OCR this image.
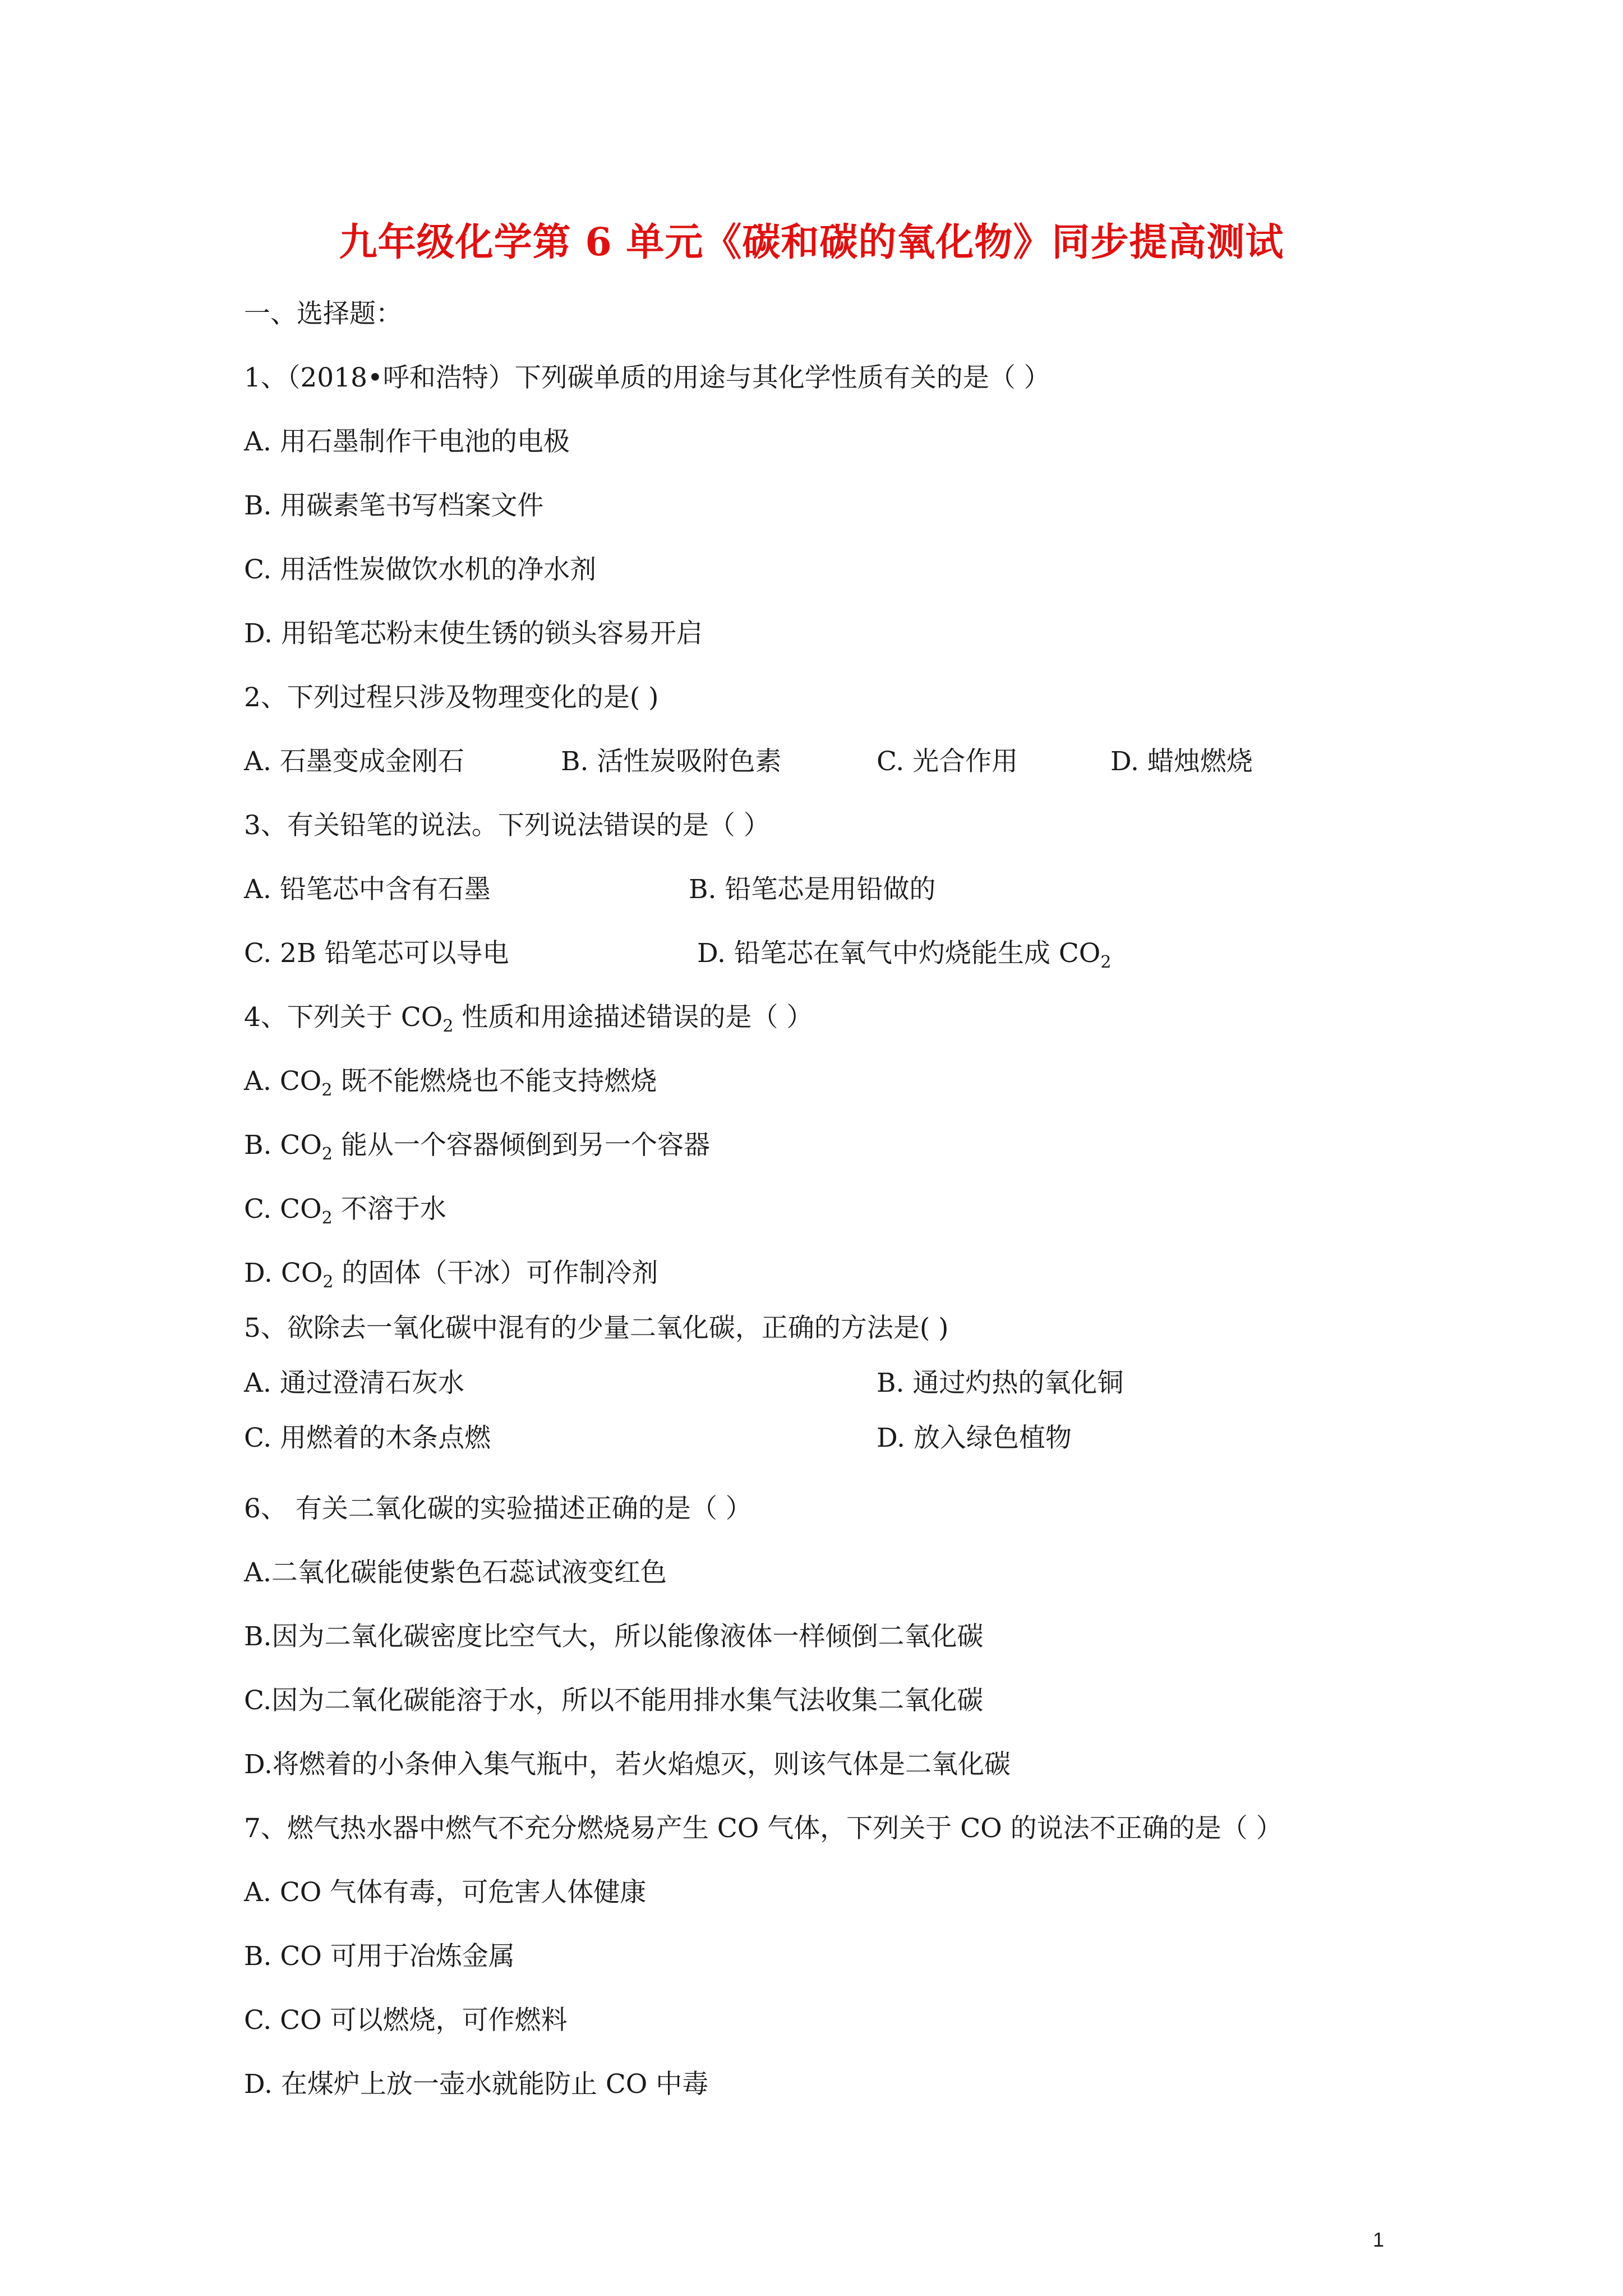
九年级化学第 6 单元《碳和碳的氧化物》同步提高测试
一、选择题：
1、（2018•呼和浩特）下列碳单质的用途与其化学性质有关的是（ ）
A. 用石墨制作干电池的电极
B. 用碳素笔书写档案文件
C. 用活性炭做饮水机的净水剂
D. 用铅笔芯粉末使生锈的锁头容易开启
2、下列过程只涉及物理变化的是( )
A. 石墨变成金刚石	B. 活性炭吸附色素	C. 光合作用	D. 蜡烛燃烧
3、有关铅笔的说法。下列说法错误的是（ ）
A. 铅笔芯中含有石墨	B. 铅笔芯是用铅做的
C. 2B 铅笔芯可以导电	D. 铅笔芯在氧气中灼烧能生成 $CO_2$
4、下列关于 $CO_2$ 性质和用途描述错误的是（ ）
A. $CO_2$ 既不能燃烧也不能支持燃烧
B. $CO_2$ 能从一个容器倾倒到另一个容器
C. $CO_2$ 不溶于水
D. $CO_2$ 的固体（干冰）可作制冷剂
5、欲除去一氧化碳中混有的少量二氧化碳，正确的方法是( )
A. 通过澄清石灰水	B. 通过灼热的氧化铜
C. 用燃着的木条点燃	D. 放入绿色植物
6、 有关二氧化碳的实验描述正确的是（ ）
A.二氧化碳能使紫色石蕊试液变红色
B.因为二氧化碳密度比空气大，所以能像液体一样倾倒二氧化碳
C.因为二氧化碳能溶于水，所以不能用排水集气法收集二氧化碳
D.将燃着的小条伸入集气瓶中，若火焰熄灭，则该气体是二氧化碳
7、燃气热水器中燃气不充分燃烧易产生 CO 气体，下列关于 CO 的说法不正确的是（ ）
A. CO 气体有毒，可危害人体健康
B. CO 可用于冶炼金属
C. CO 可以燃烧，可作燃料
D. 在煤炉上放一壶水就能防止 CO 中毒
1
